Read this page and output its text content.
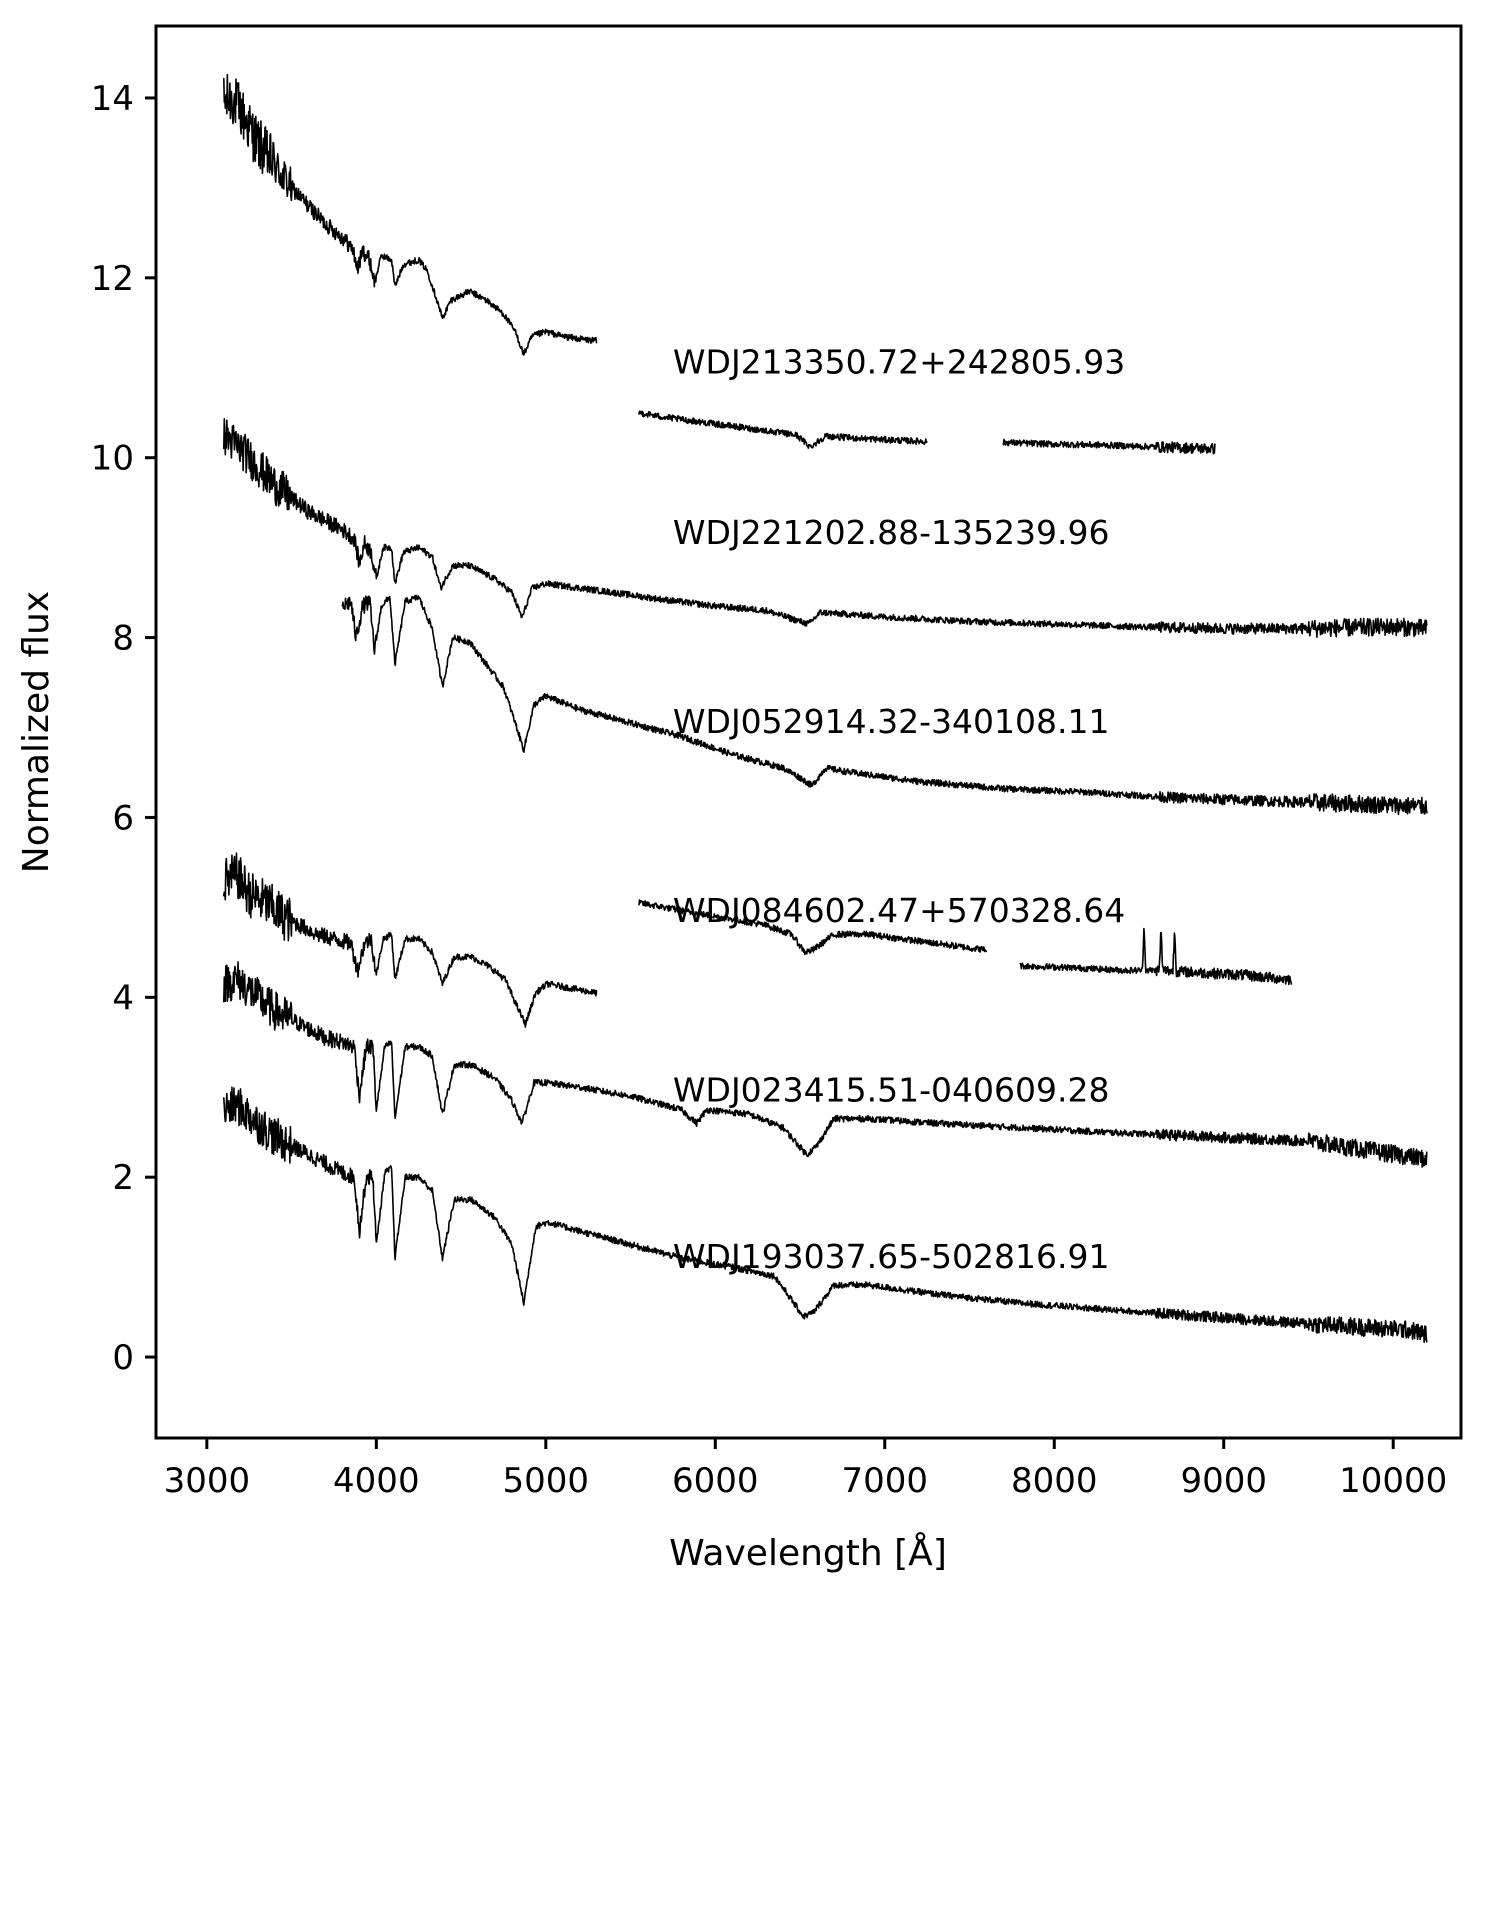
3000 4000 5000 6000 7000 8000 9000 10000
0
2
4
6
8
10
12
14
WDJ213350.72+242805.93
WDJ221202.88-135239.96
WDJ052914.32-340108.11
WDJ084602.47+570328.64
WDJ023415.51-040609.28
WDJ193037.65-502816.91
Wavelength [Å]
Normalized flux
